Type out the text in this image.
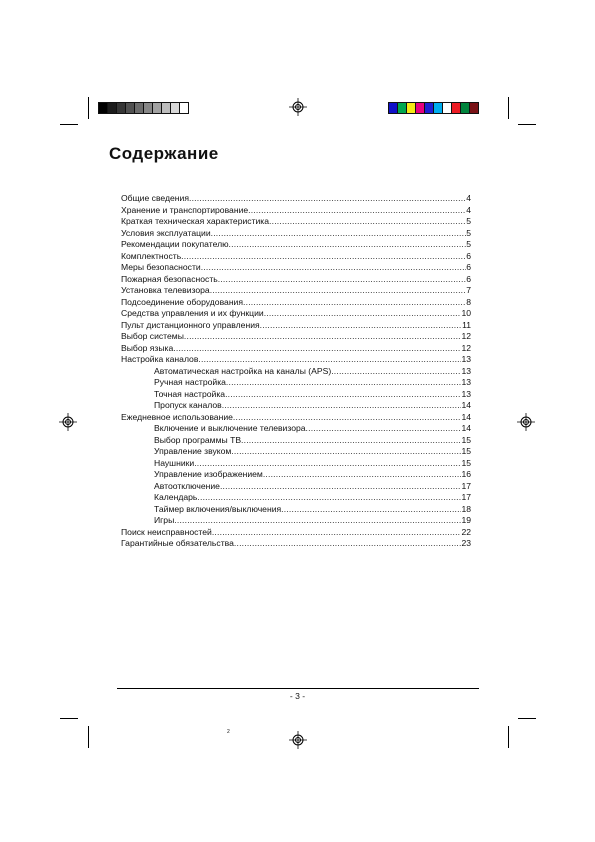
Содержание
Общие сведения .....	4
Хранение и транспортирование .....	4
Краткая техническая характеристика .....	5
Условия эксплуатации .....	5
Рекомендации покупателю .....	5
Комплектность .....	6
Меры безопасности .....	6
Пожарная безопасность .....	6
Установка телевизора .....	7
Подсоединение оборудования .....	8
Средства управления и их функции .....	10
Пульт дистанционного управления .....	11
Выбор системы .....	12
Выбор языка .....	12
Настройка каналов .....	13
Автоматическая настройка на каналы (APS) .....	13
Ручная настройка .....	13
Точная настройка .....	13
Пропуск каналов .....	14
Ежедневное использование .....	14
Включение и выключение телевизора .....	14
Выбор программы ТВ .....	15
Управление звуком .....	15
Наушники .....	15
Управление изображением .....	16
Автоотключение .....	17
Календарь .....	17
Таймер включения/выключения .....	18
Игры .....	19
Поиск неисправностей .....	22
Гарантийные обязательства .....	23
- 3 -
2
